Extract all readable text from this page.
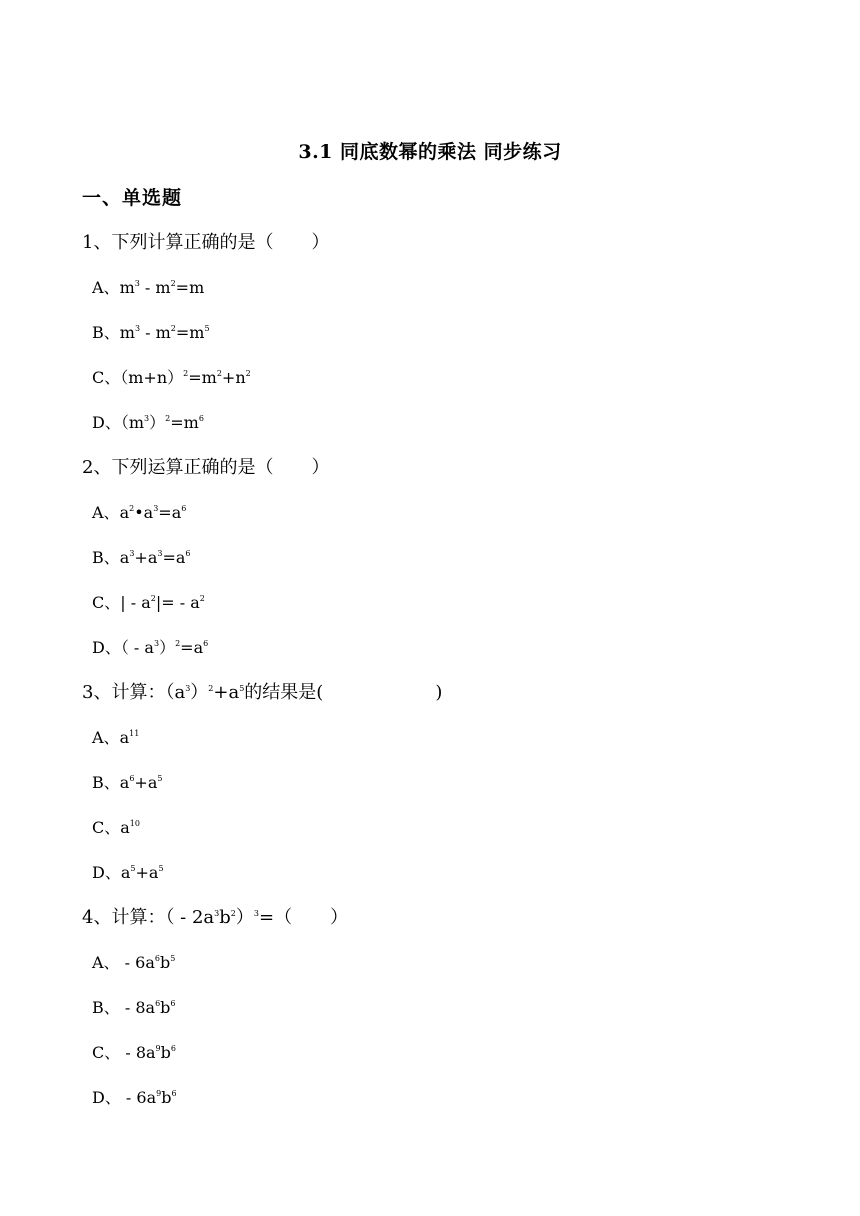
3.1 同底数幂的乘法 同步练习
一、单选题
1、下列计算正确的是（ ）
A、$m^3 - m^2=m$
B、$m^3 - m^2=m^5$
C、$(m+n)^2=m^2+n^2$
D、$(m^3)^2=m^6$
2、下列运算正确的是（ ）
A、$a^2•a^3=a^6$
B、$a^3+a^3=a^6$
C、| - $a^2|= - a^2$
D、（ - $a^3)^2=a^6$
3、计算：$(a^3)^2+a^5$的结果是(	)
A、$a^{11}$
B、$a^6+a^5$
C、$a^{10}$
D、$a^5+a^5$
4、计算：（ - $2a^3b^2)^3=$（ ）
A、 - $6a^6b^5$
B、 - $8a^6b^6$
C、 - $8a^9b^6$
D、 - $6a^9b^6$
